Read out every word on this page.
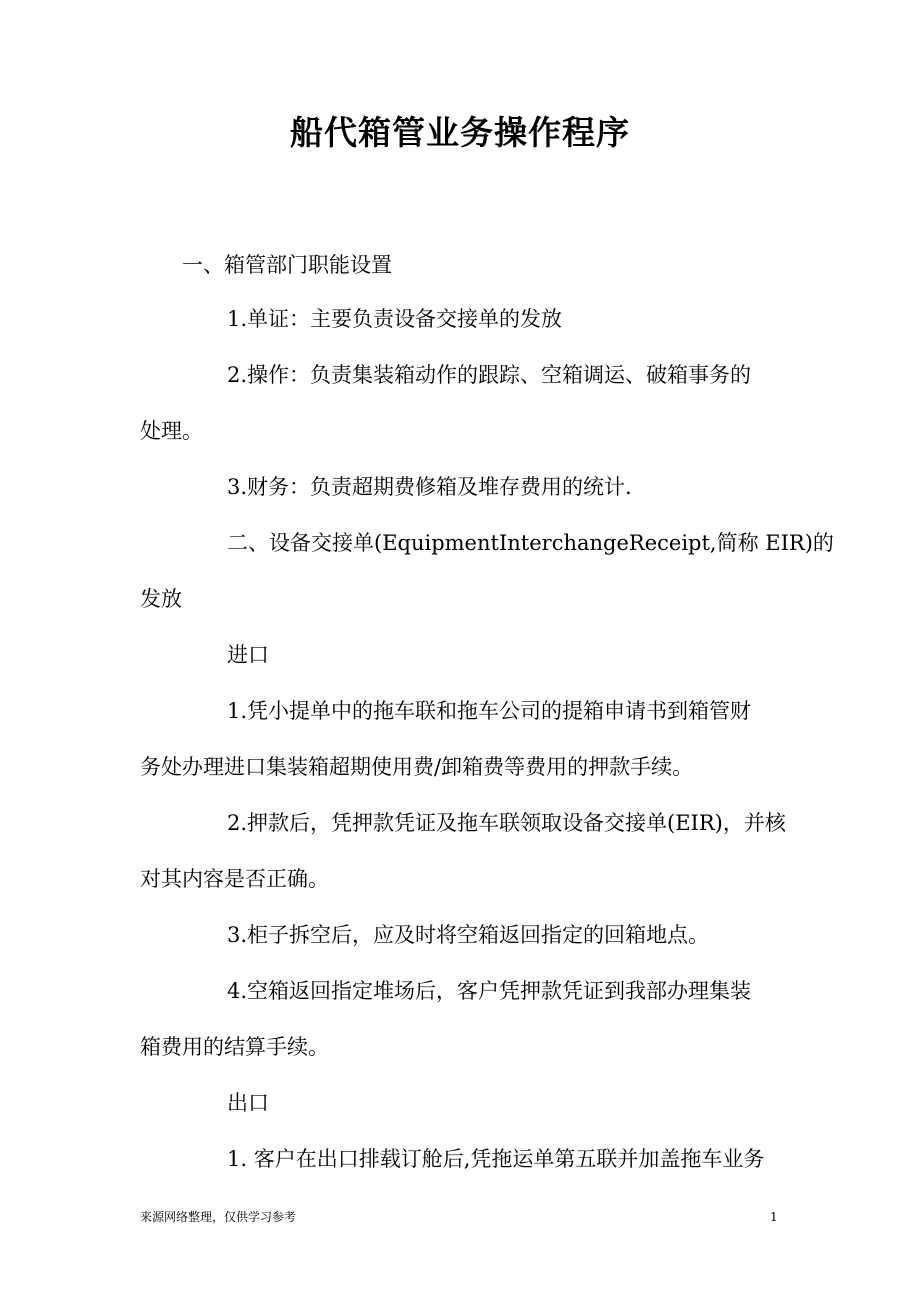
船代箱管业务操作程序
一、箱管部门职能设置
1.单证：主要负责设备交接单的发放
2.操作：负责集装箱动作的跟踪、空箱调运、破箱事务的
处理。
3.财务：负责超期费修箱及堆存费用的统计.
二、设备交接单(Equipment Interchange Receipt,简称 EIR)的
发放
进口
1.凭小提单中的拖车联和拖车公司的提箱申请书到箱管财
务处办理进口集装箱超期使用费/卸箱费等费用的押款手续。
2.押款后，凭押款凭证及拖车联领取设备交接单(EIR)，并核
对其内容是否正确。
3.柜子拆空后，应及时将空箱返回指定的回箱地点。
4.空箱返回指定堆场后，客户凭押款凭证到我部办理集装
箱费用的结算手续。
出口
1. 客户在出口排载订舱后,凭拖运单第五联并加盖拖车业务
来源网络整理，仅供学习参考	1
